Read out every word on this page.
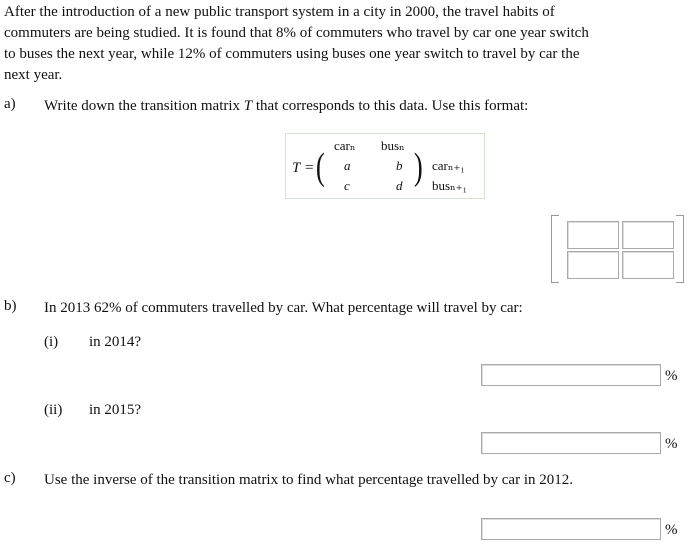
After the introduction of a new public transport system in a city in 2000, the travel habits of commuters are being studied. It is found that 8% of commuters who travel by car one year switch to buses the next year, while 12% of commuters using buses one year switch to travel by car the next year.
a) Write down the transition matrix T that corresponds to this data. Use this format:
carₙ busₙ
T = ( a	b
c	d ) carₙ₊₁
busₙ₊₁
b) In 2013 62% of commuters travelled by car. What percentage will travel by car:
(i) in 2014?
%
(ii) in 2015?
%
c) Use the inverse of the transition matrix to find what percentage travelled by car in 2012.
%
